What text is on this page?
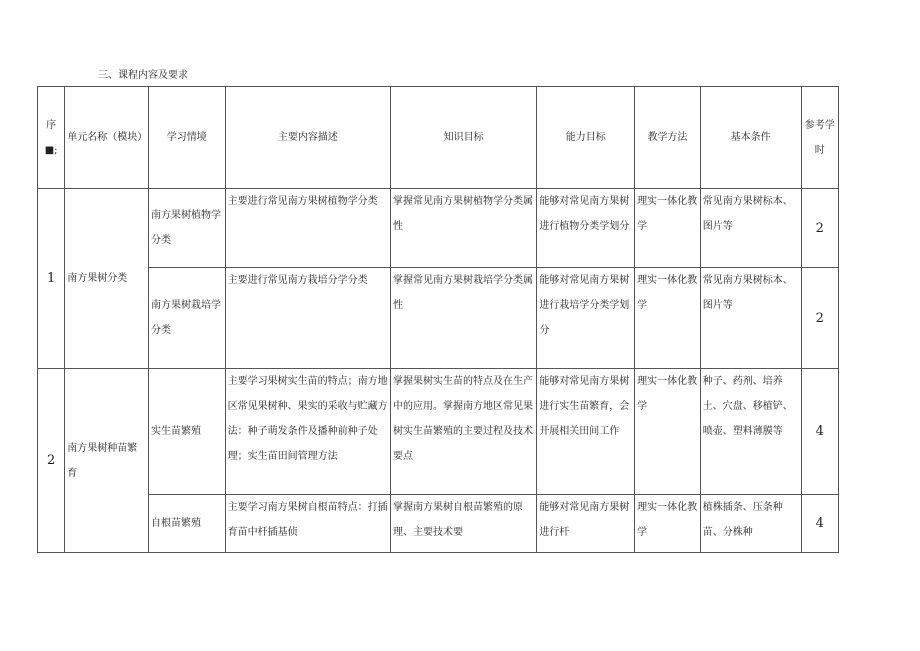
三、课程内容及要求
序■;	单元名称（模块）	学习情境	主要内容描述	知识目标	能力目标	教学方法	基本条件	参考学时
1	南方果树分类	南方果树植物学分类	主要进行常见南方果树植物学分类	掌握常见南方果树植物学分类属性	能够对常见南方果树进行植物分类学划分	理实一体化教学	常见南方果树标本、图片等	2
		南方果树栽培学分类	主要进行常见南方栽培分学分类	掌握常见南方果树栽培学分类属性	能够对常见南方果树进行栽培学分类学划分	理实一体化教学	常见南方果树标本、图片等	2
2	南方果树种苗繁育	实生苗繁殖	主要学习果树实生苗的特点；南方地区常见果树种、果实的采收与贮藏方法：种子萌发条件及播种前种子处理；实生苗田间管理方法	掌握果树实生苗的特点及在生产中的应用。掌握南方地区常见果树实生苗繁殖的主要过程及技术要点	能够对常见南方果树进行实生苗繁育，会开展相关田间工作	理实一体化教学	种子、药剂、培养土、穴盘、移植铲、喷壶、塑料薄膜等	4
		自根苗繁殖	主要学习南方果树自根苗特点：打插育苗中杆插基侦	掌握南方果树自根苗繁殖的原理、主要技术要	能够对常见南方果树进行杆	理实一体化教学	植株插条、压条种苗、分株种	4
